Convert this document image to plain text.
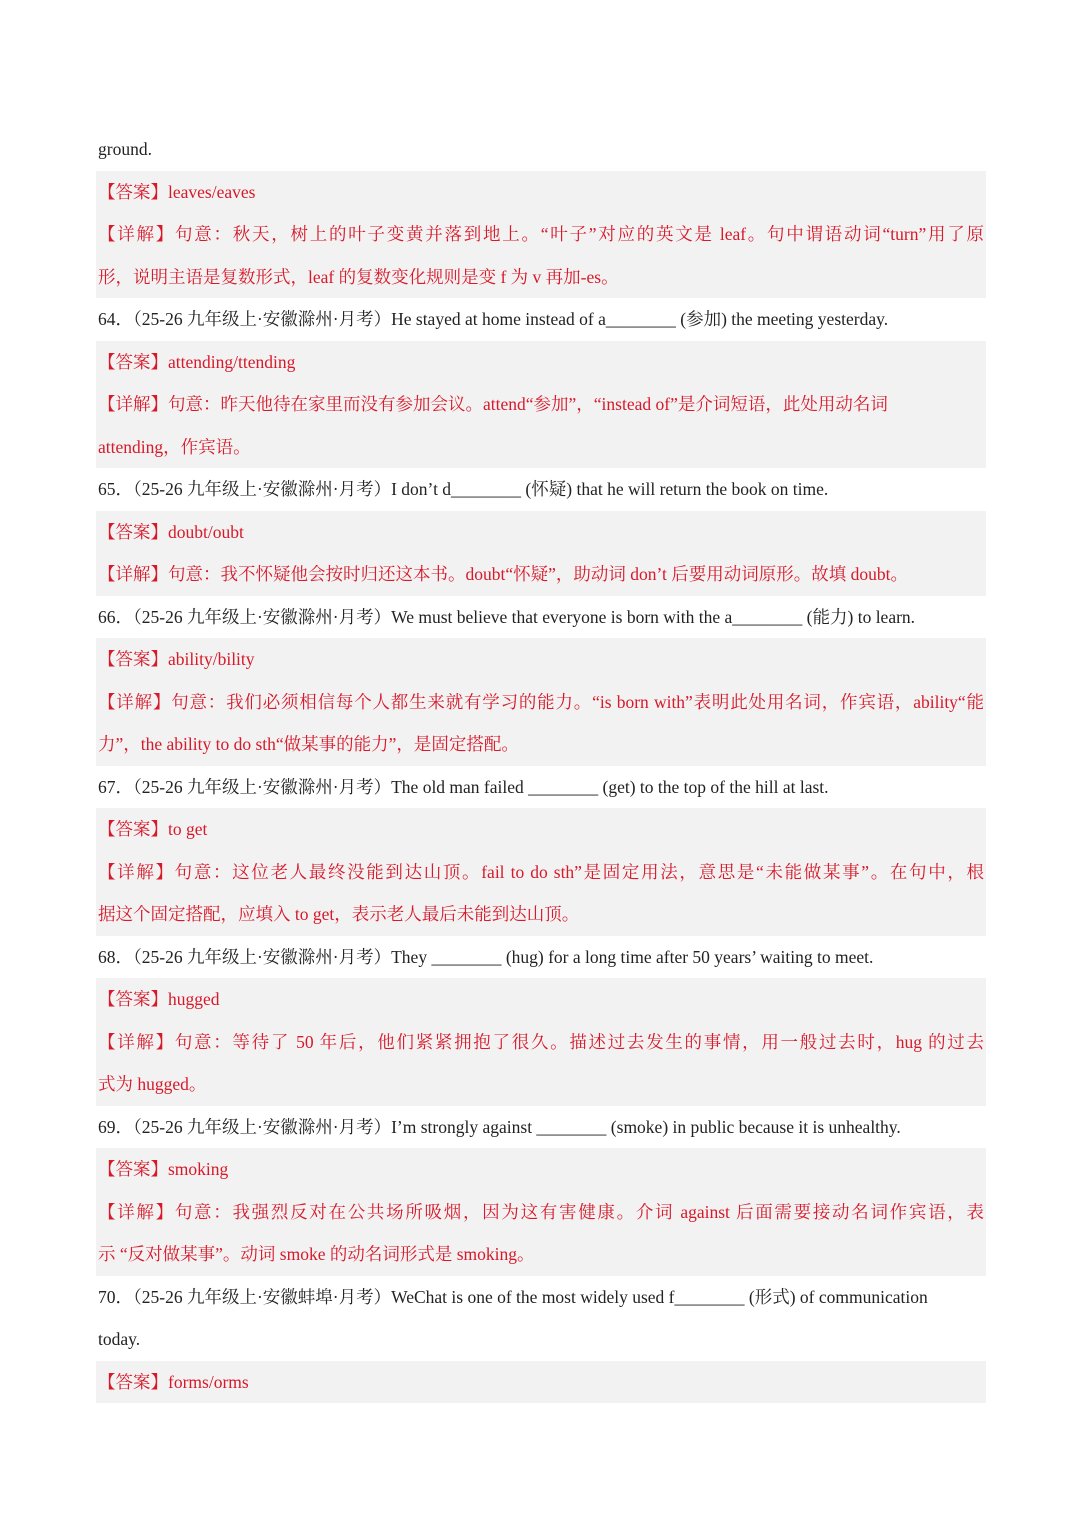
ground.
【答案】leaves/eaves
【详解】句意：秋天，树上的叶子变黄并落到地上。“叶子”对应的英文是 leaf。句中谓语动词“turn”用了原
形，说明主语是复数形式，leaf 的复数变化规则是变 f 为 v 再加-es。
64．（25-26 九年级上·安徽滁州·月考）He stayed at home instead of a________ (参加) the meeting yesterday.
【答案】attending/ttending
【详解】句意：昨天他待在家里而没有参加会议。attend“参加”，“instead of”是介词短语，此处用动名词
attending，作宾语。
65．（25-26 九年级上·安徽滁州·月考）I don’t d________ (怀疑) that he will return the book on time.
【答案】doubt/oubt
【详解】句意：我不怀疑他会按时归还这本书。doubt“怀疑”，助动词 don’t 后要用动词原形。故填 doubt。
66．（25-26 九年级上·安徽滁州·月考）We must believe that everyone is born with the a________ (能力) to learn.
【答案】ability/bility
【详解】句意：我们必须相信每个人都生来就有学习的能力。“is born with”表明此处用名词，作宾语，ability“能
力”，the ability to do sth“做某事的能力”，是固定搭配。
67．（25-26 九年级上·安徽滁州·月考）The old man failed ________ (get) to the top of the hill at last.
【答案】to get
【详解】句意：这位老人最终没能到达山顶。fail to do sth”是固定用法，意思是“未能做某事”。在句中，根
据这个固定搭配，应填入 to get，表示老人最后未能到达山顶。
68．（25-26 九年级上·安徽滁州·月考）They ________ (hug) for a long time after 50 years’ waiting to meet.
【答案】hugged
【详解】句意：等待了 50 年后，他们紧紧拥抱了很久。描述过去发生的事情，用一般过去时，hug 的过去
式为 hugged。
69．（25-26 九年级上·安徽滁州·月考）I’m strongly against ________ (smoke) in public because it is unhealthy.
【答案】smoking
【详解】句意：我强烈反对在公共场所吸烟，因为这有害健康。介词 against 后面需要接动名词作宾语，表
示 “反对做某事”。动词 smoke 的动名词形式是 smoking。
70．（25-26 九年级上·安徽蚌埠·月考）WeChat is one of the most widely used f________ (形式) of communication
today.
【答案】forms/orms
